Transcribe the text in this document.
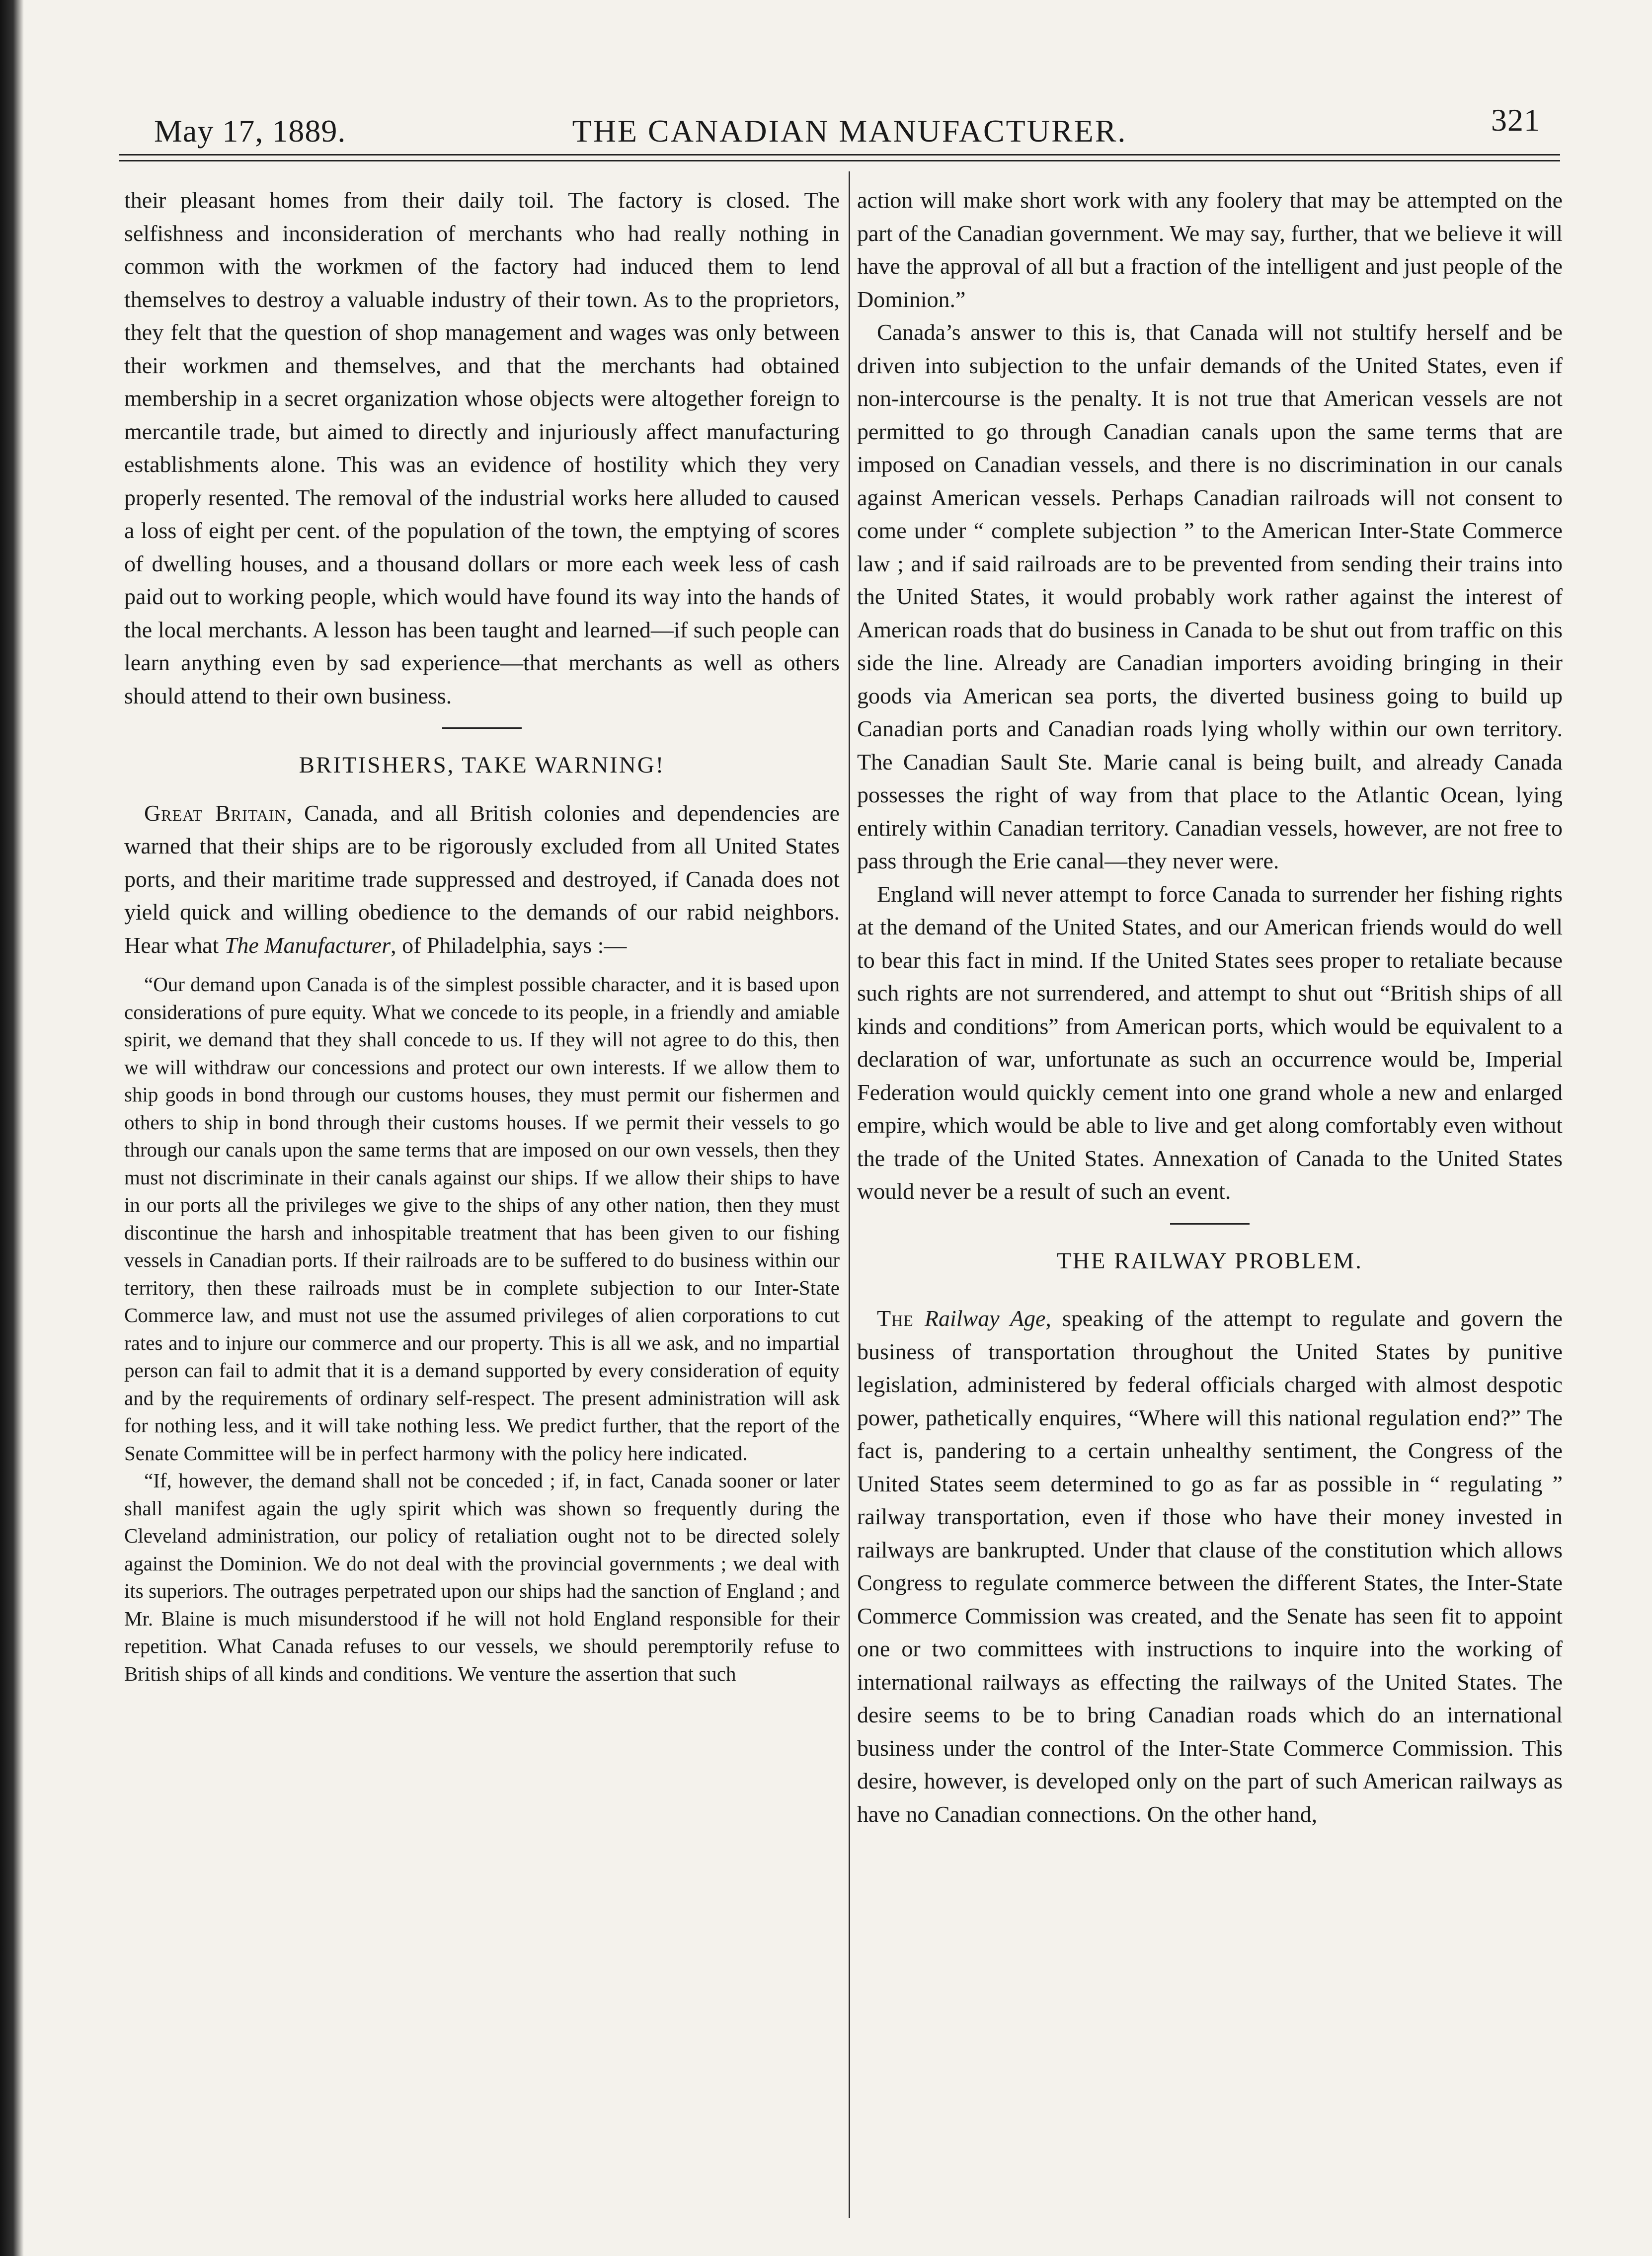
May 17, 1889.	THE CANADIAN MANUFACTURER.	321

their pleasant homes from their daily toil. The factory is closed. The selfishness and inconsideration of merchants who had really nothing in common with the workmen of the factory had induced them to lend themselves to destroy a valuable industry of their town. As to the proprietors, they felt that the question of shop management and wages was only between their workmen and themselves, and that the merchants had obtained membership in a secret organization whose objects were altogether foreign to mercantile trade, but aimed to directly and injuriously affect manufacturing establishments alone. This was an evidence of hostility which they very properly resented. The removal of the industrial works here alluded to caused a loss of eight per cent. of the population of the town, the emptying of scores of dwelling houses, and a thousand dollars or more each week less of cash paid out to working people, which would have found its way into the hands of the local merchants. A lesson has been taught and learned—if such people can learn anything even by sad experience—that merchants as well as others should attend to their own business.

BRITISHERS, TAKE WARNING!

Great Britain, Canada, and all British colonies and dependencies are warned that their ships are to be rigorously excluded from all United States ports, and their maritime trade suppressed and destroyed, if Canada does not yield quick and willing obedience to the demands of our rabid neighbors. Hear what The Manufacturer, of Philadelphia, says :—

“Our demand upon Canada is of the simplest possible character, and it is based upon considerations of pure equity. What we concede to its people, in a friendly and amiable spirit, we demand that they shall concede to us. If they will not agree to do this, then we will withdraw our concessions and protect our own interests. If we allow them to ship goods in bond through our customs houses, they must permit our fishermen and others to ship in bond through their customs houses. If we permit their vessels to go through our canals upon the same terms that are imposed on our own vessels, then they must not discriminate in their canals against our ships. If we allow their ships to have in our ports all the privileges we give to the ships of any other nation, then they must discontinue the harsh and inhospitable treatment that has been given to our fishing vessels in Canadian ports. If their railroads are to be suffered to do business within our territory, then these railroads must be in complete subjection to our Inter-State Commerce law, and must not use the assumed privileges of alien corporations to cut rates and to injure our commerce and our property. This is all we ask, and no impartial person can fail to admit that it is a demand supported by every consideration of equity and by the requirements of ordinary self-respect. The present administration will ask for nothing less, and it will take nothing less. We predict further, that the report of the Senate Committee will be in perfect harmony with the policy here indicated.

“If, however, the demand shall not be conceded ; if, in fact, Canada sooner or later shall manifest again the ugly spirit which was shown so frequently during the Cleveland administration, our policy of retaliation ought not to be directed solely against the Dominion. We do not deal with the provincial governments ; we deal with its superiors. The outrages perpetrated upon our ships had the sanction of England ; and Mr. Blaine is much misunderstood if he will not hold England responsible for their repetition. What Canada refuses to our vessels, we should peremptorily refuse to British ships of all kinds and conditions. We venture the assertion that such

action will make short work with any foolery that may be attempted on the part of the Canadian government. We may say, further, that we believe it will have the approval of all but a fraction of the intelligent and just people of the Dominion.”

Canada’s answer to this is, that Canada will not stultify herself and be driven into subjection to the unfair demands of the United States, even if non-intercourse is the penalty. It is not true that American vessels are not permitted to go through Canadian canals upon the same terms that are imposed on Canadian vessels, and there is no discrimination in our canals against American vessels. Perhaps Canadian railroads will not consent to come under “ complete subjection ” to the American Inter-State Commerce law ; and if said railroads are to be prevented from sending their trains into the United States, it would probably work rather against the interest of American roads that do business in Canada to be shut out from traffic on this side the line. Already are Canadian importers avoiding bringing in their goods via American sea ports, the diverted business going to build up Canadian ports and Canadian roads lying wholly within our own territory. The Canadian Sault Ste. Marie canal is being built, and already Canada possesses the right of way from that place to the Atlantic Ocean, lying entirely within Canadian territory. Canadian vessels, however, are not free to pass through the Erie canal—they never were.

England will never attempt to force Canada to surrender her fishing rights at the demand of the United States, and our American friends would do well to bear this fact in mind. If the United States sees proper to retaliate because such rights are not surrendered, and attempt to shut out “British ships of all kinds and conditions” from American ports, which would be equivalent to a declaration of war, unfortunate as such an occurrence would be, Imperial Federation would quickly cement into one grand whole a new and enlarged empire, which would be able to live and get along comfortably even without the trade of the United States. Annexation of Canada to the United States would never be a result of such an event.

THE RAILWAY PROBLEM.

The Railway Age, speaking of the attempt to regulate and govern the business of transportation throughout the United States by punitive legislation, administered by federal officials charged with almost despotic power, pathetically enquires, “Where will this national regulation end?” The fact is, pandering to a certain unhealthy sentiment, the Congress of the United States seem determined to go as far as possible in “ regulating ” railway transportation, even if those who have their money invested in railways are bankrupted. Under that clause of the constitution which allows Congress to regulate commerce between the different States, the Inter-State Commerce Commission was created, and the Senate has seen fit to appoint one or two committees with instructions to inquire into the working of international railways as effecting the railways of the United States. The desire seems to be to bring Canadian roads which do an international business under the control of the Inter-State Commerce Commission. This desire, however, is developed only on the part of such American railways as have no Canadian connections. On the other hand,
